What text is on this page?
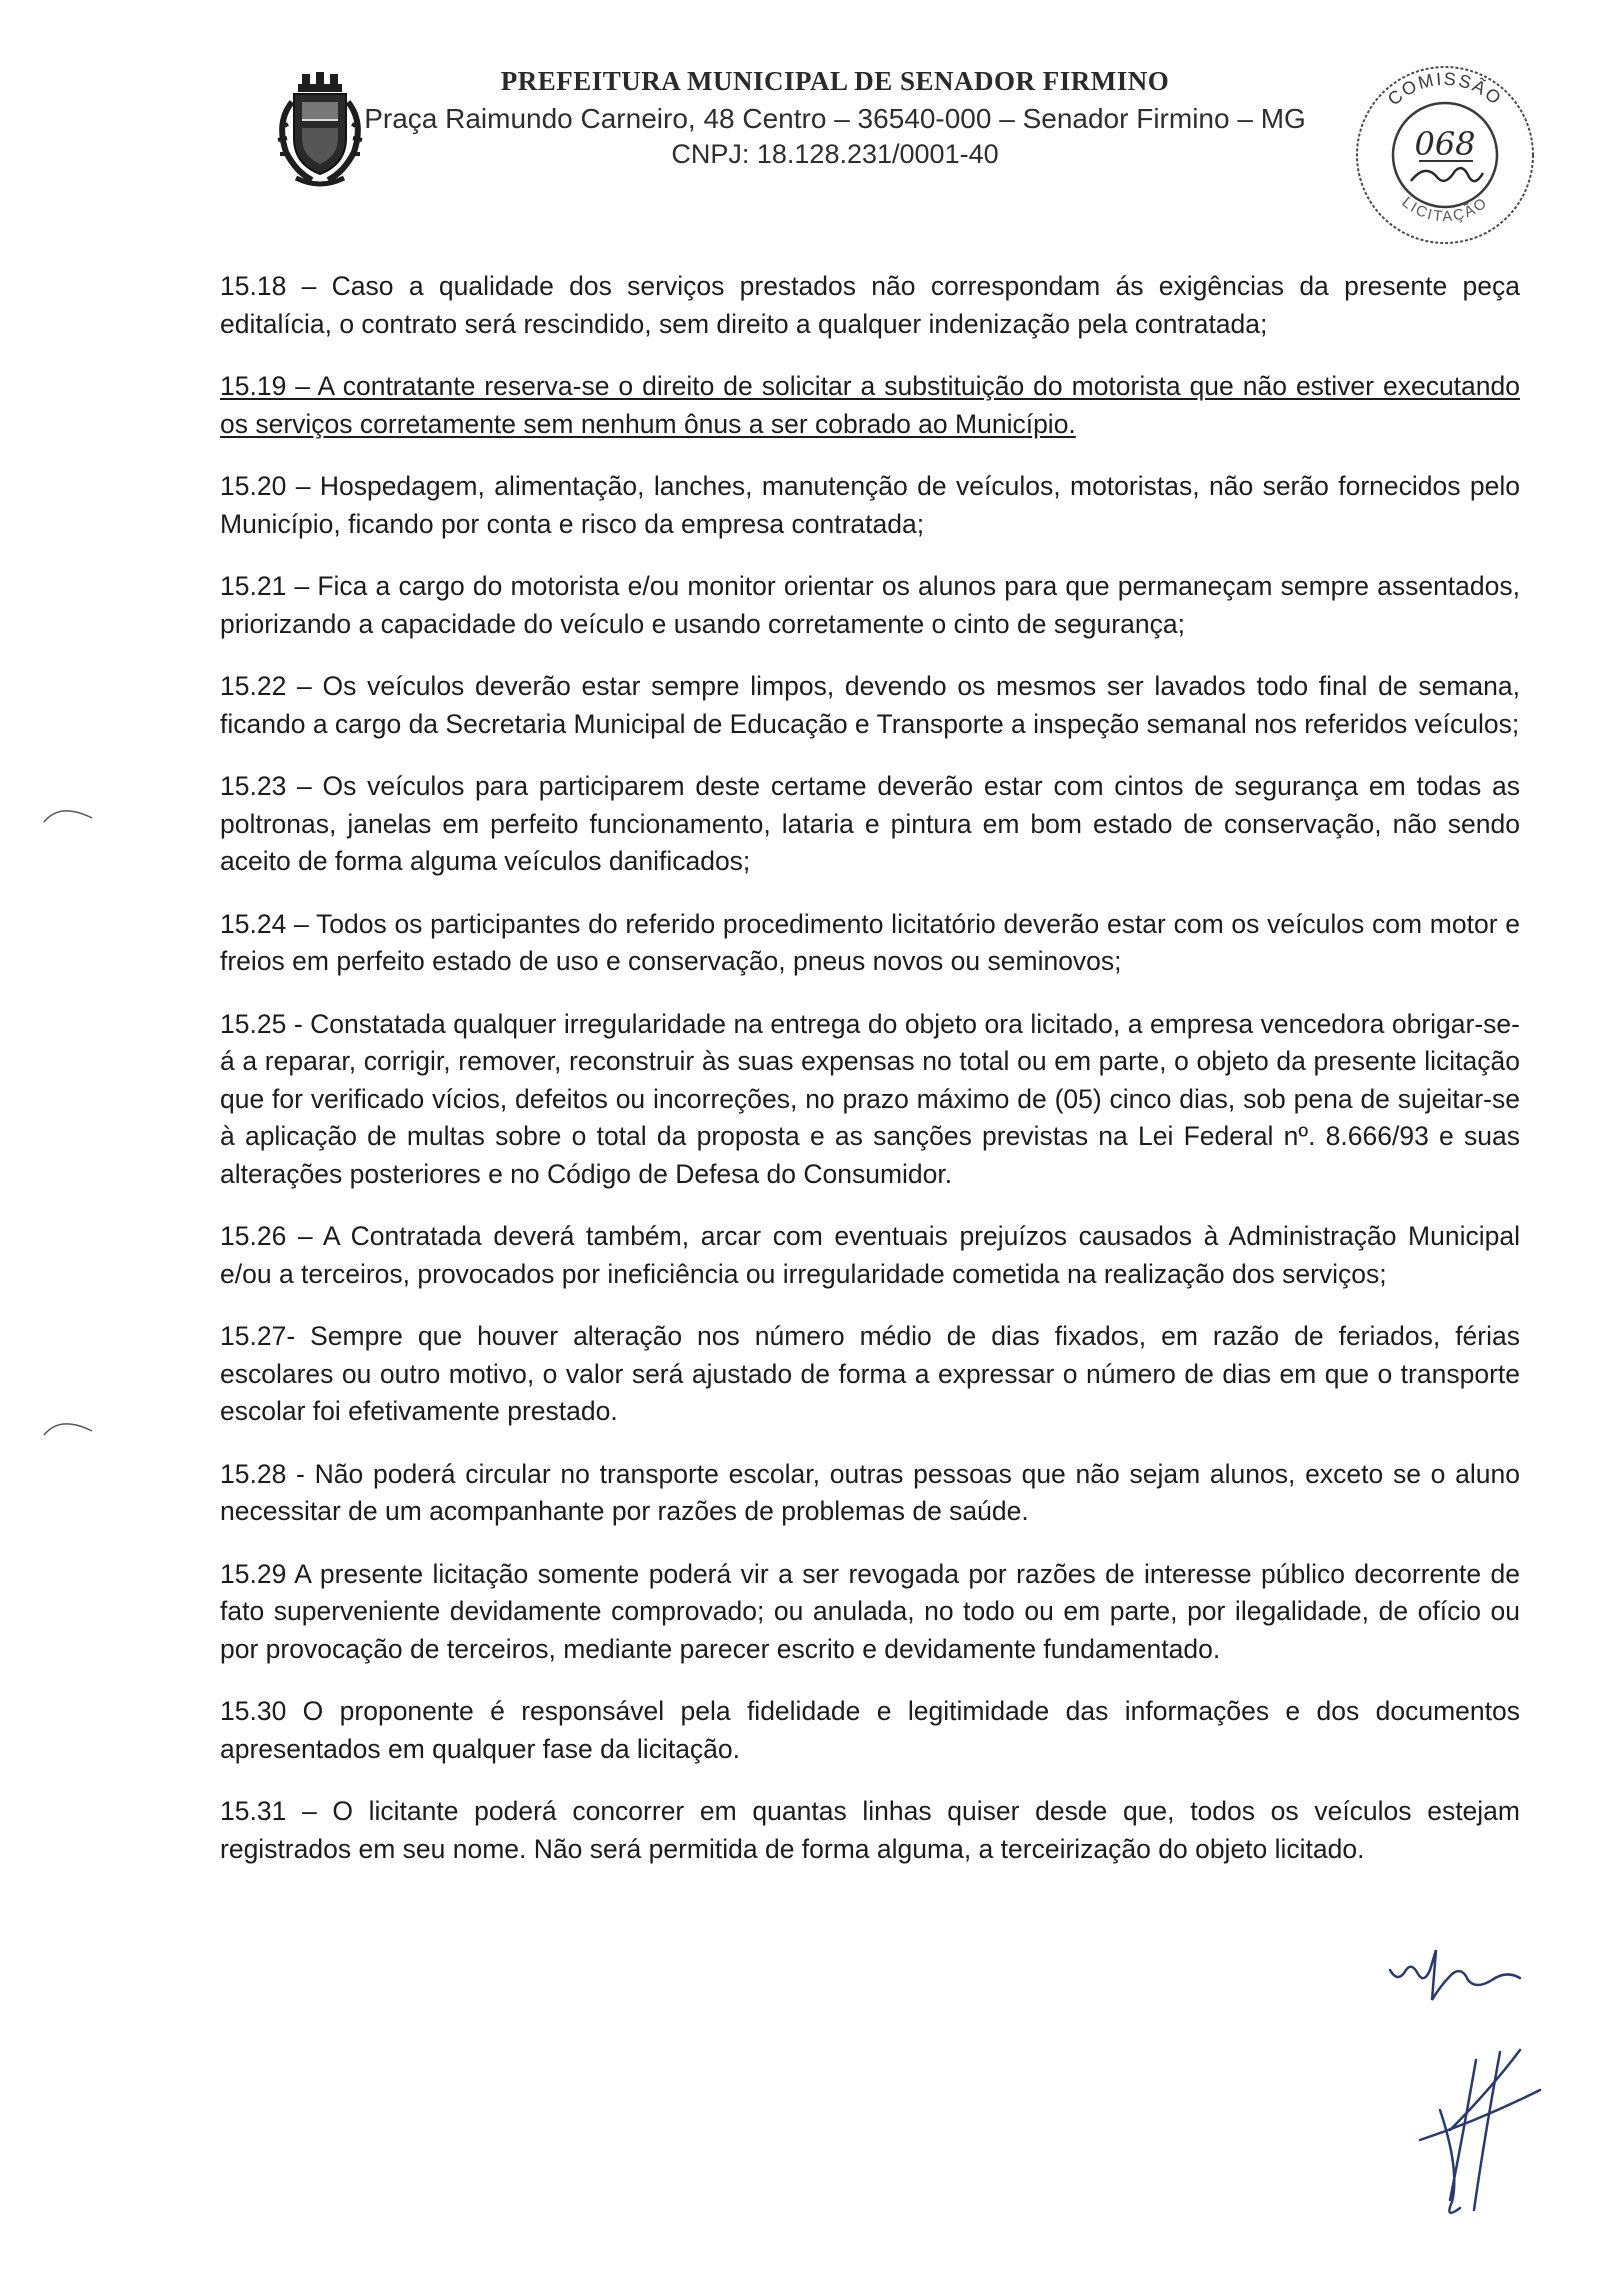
PREFEITURA MUNICIPAL DE SENADOR FIRMINO
Praça Raimundo Carneiro, 48 Centro – 36540-000 – Senador Firmino – MG
CNPJ: 18.128.231/0001-40
COMISSÃO
LICITAÇÃO
068

15.18 – Caso a qualidade dos serviços prestados não correspondam ás exigências da presente peça editalícia, o contrato será rescindido, sem direito a qualquer indenização pela contratada;

15.19 – A contratante reserva-se o direito de solicitar a substituição do motorista que não estiver executando os serviços corretamente sem nenhum ônus a ser cobrado ao Município.

15.20 – Hospedagem, alimentação, lanches, manutenção de veículos, motoristas, não serão fornecidos pelo Município, ficando por conta e risco da empresa contratada;

15.21 – Fica a cargo do motorista e/ou monitor orientar os alunos para que permaneçam sempre assentados, priorizando a capacidade do veículo e usando corretamente o cinto de segurança;

15.22 – Os veículos deverão estar sempre limpos, devendo os mesmos ser lavados todo final de semana, ficando a cargo da Secretaria Municipal de Educação e Transporte a inspeção semanal nos referidos veículos;

15.23 – Os veículos para participarem deste certame deverão estar com cintos de segurança em todas as poltronas, janelas em perfeito funcionamento, lataria e pintura em bom estado de conservação, não sendo aceito de forma alguma veículos danificados;

15.24 – Todos os participantes do referido procedimento licitatório deverão estar com os veículos com motor e freios em perfeito estado de uso e conservação, pneus novos ou seminovos;

15.25 - Constatada qualquer irregularidade na entrega do objeto ora licitado, a empresa vencedora obrigar-se-á a reparar, corrigir, remover, reconstruir às suas expensas no total ou em parte, o objeto da presente licitação que for verificado vícios, defeitos ou incorreções, no prazo máximo de (05) cinco dias, sob pena de sujeitar-se à aplicação de multas sobre o total da proposta e as sanções previstas na Lei Federal nº. 8.666/93 e suas alterações posteriores e no Código de Defesa do Consumidor.

15.26 – A Contratada deverá também, arcar com eventuais prejuízos causados à Administração Municipal e/ou a terceiros, provocados por ineficiência ou irregularidade cometida na realização dos serviços;

15.27- Sempre que houver alteração nos número médio de dias fixados, em razão de feriados, férias escolares ou outro motivo, o valor será ajustado de forma a expressar o número de dias em que o transporte escolar foi efetivamente prestado.

15.28 - Não poderá circular no transporte escolar, outras pessoas que não sejam alunos, exceto se o aluno necessitar de um acompanhante por razões de problemas de saúde.

15.29 A presente licitação somente poderá vir a ser revogada por razões de interesse público decorrente de fato superveniente devidamente comprovado; ou anulada, no todo ou em parte, por ilegalidade, de ofício ou por provocação de terceiros, mediante parecer escrito e devidamente fundamentado.

15.30 O proponente é responsável pela fidelidade e legitimidade das informações e dos documentos apresentados em qualquer fase da licitação.

15.31 – O licitante poderá concorrer em quantas linhas quiser desde que, todos os veículos estejam registrados em seu nome. Não será permitida de forma alguma, a terceirização do objeto licitado.
